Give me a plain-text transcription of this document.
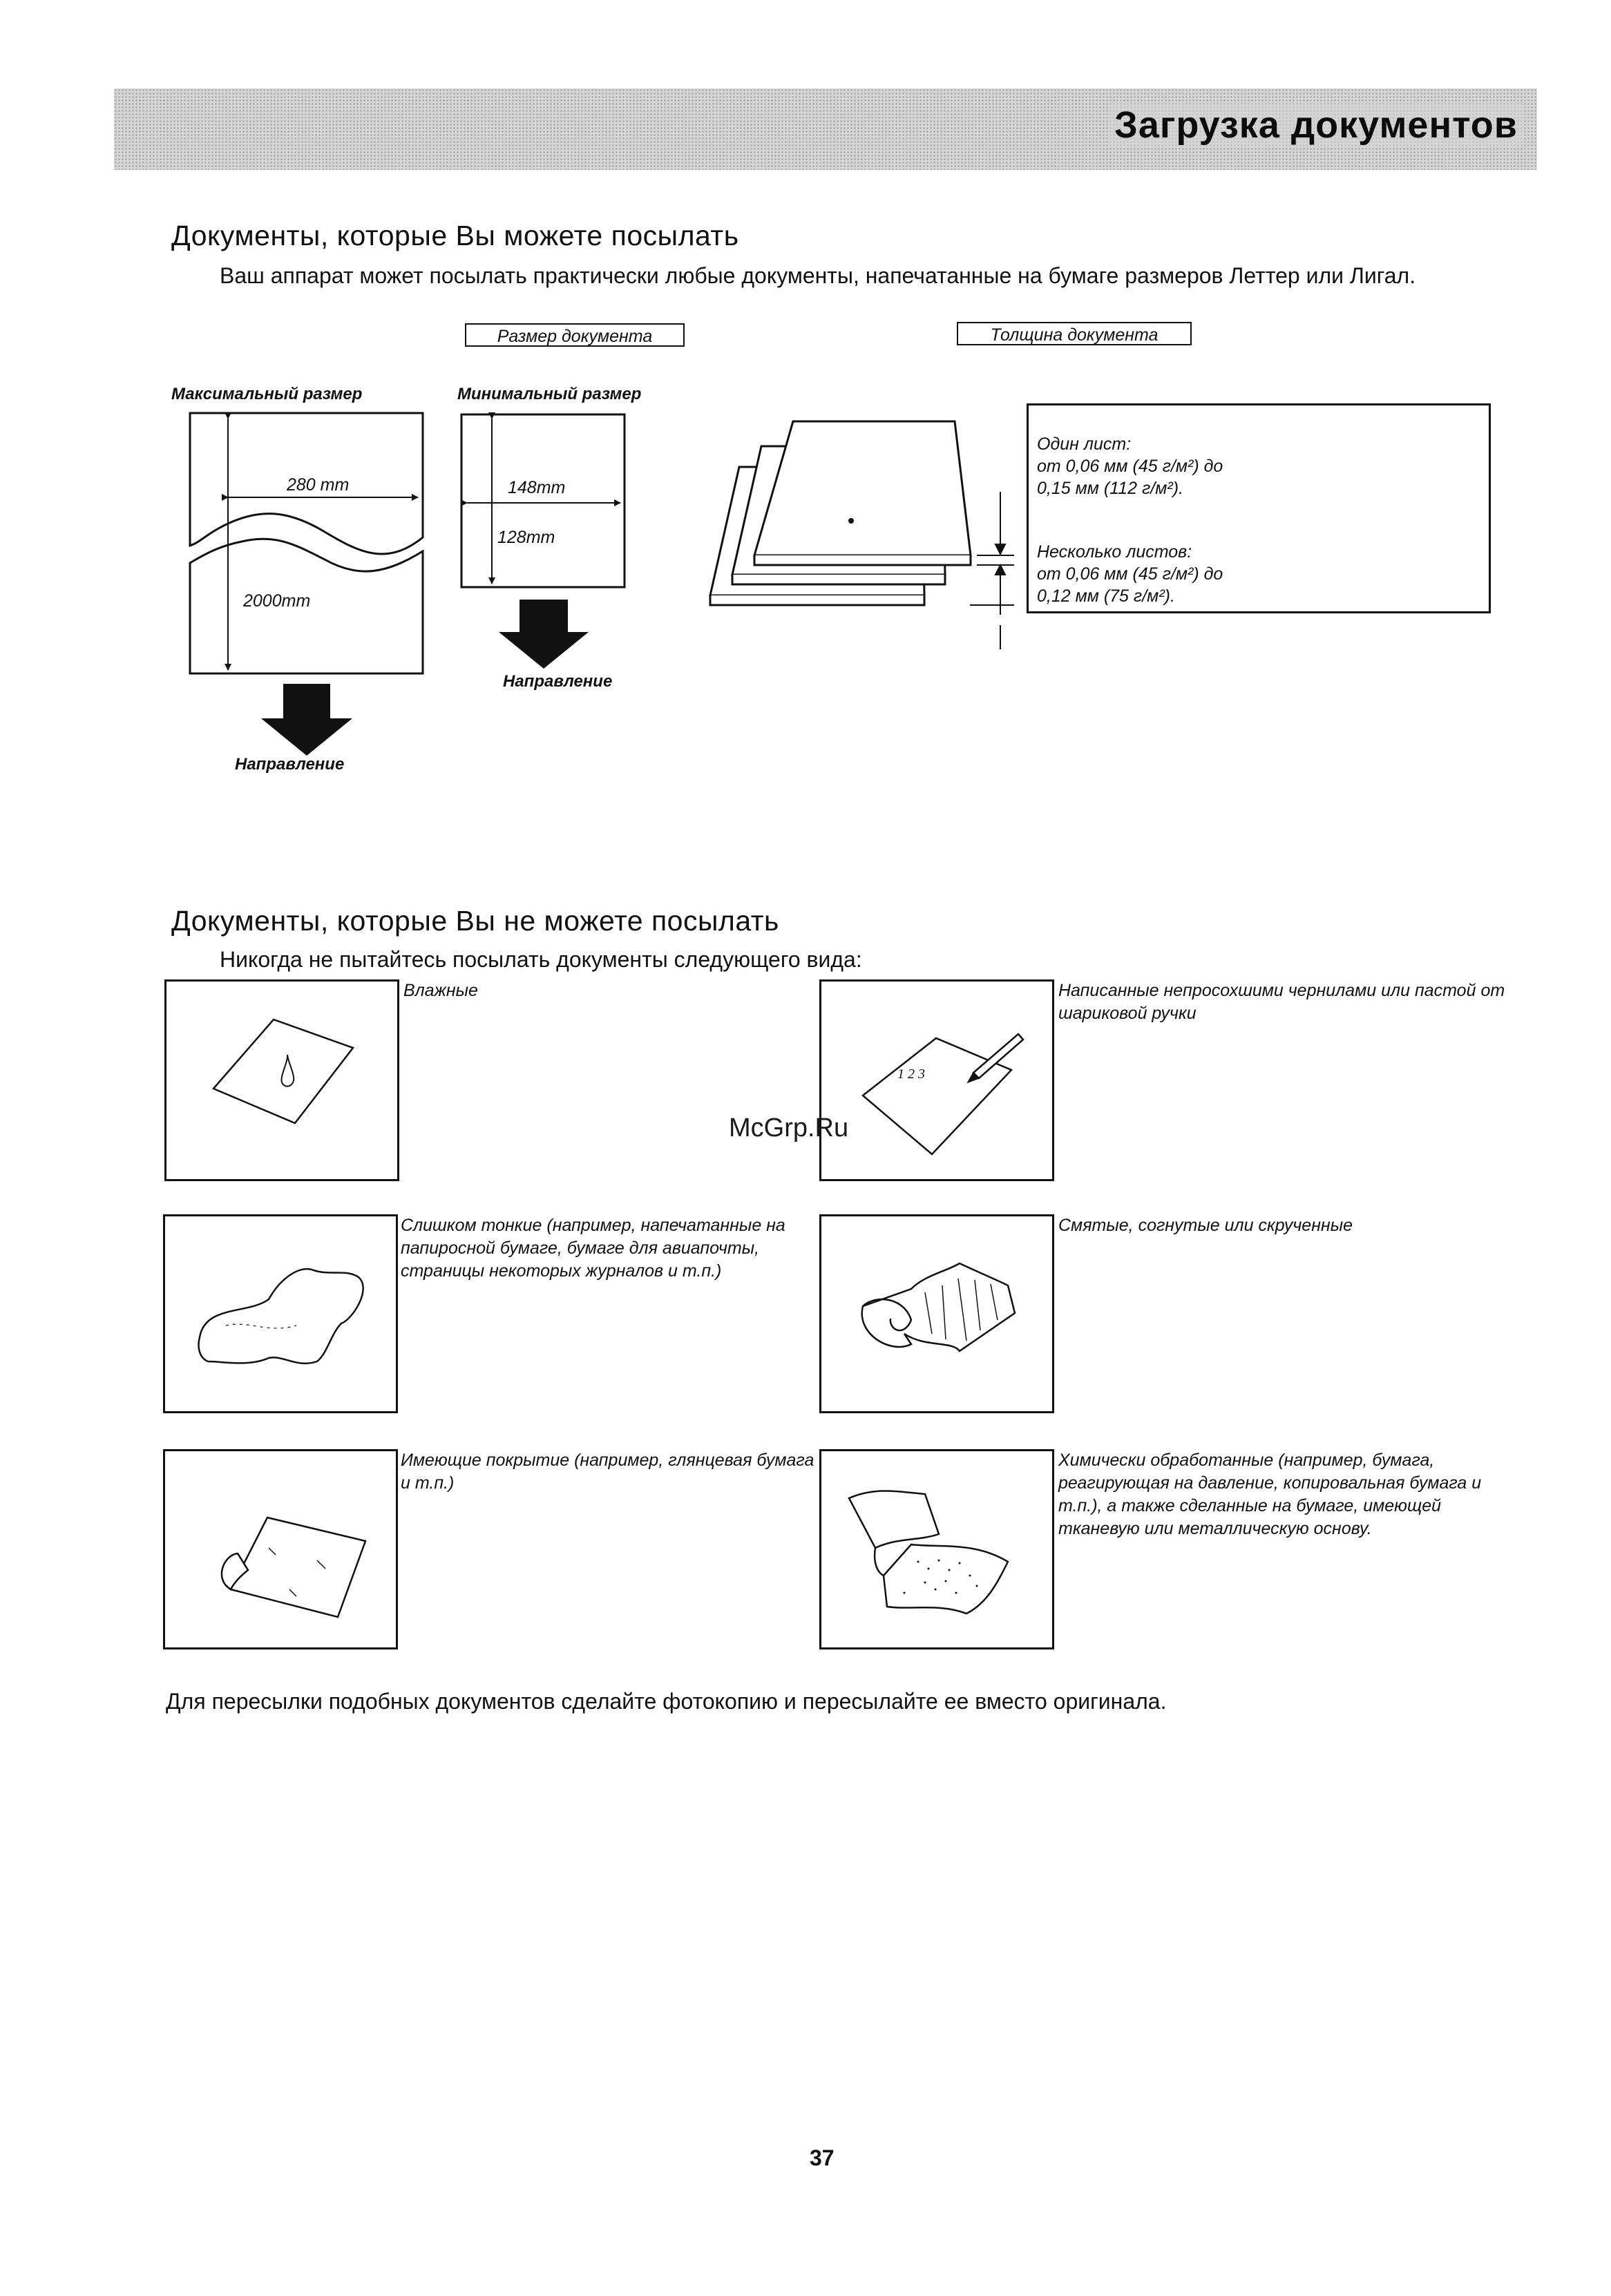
Загрузка документов
Документы, которые Вы можете посылать
Ваш аппарат может посылать практически любые документы, напечатанные на бумаге размеров Леттер или Лигал.
Размер документа
Максимальный размер	Минимальный размер
280 mm
2000mm
148mm
128mm
Направление
Направление
Толщина документа
Один лист:
от 0,06 мм (45 г/м²) до
0,15 мм (112 г/м²).
Несколько листов:
от 0,06 мм (45 г/м²) до
0,12 мм (75 г/м²).
Документы, которые Вы не можете посылать
Никогда не пытайтесь посылать документы следующего вида:
Влажные
1 2 3
Написанные непросохшими чернилами или пастой от шариковой ручки
McGrp.Ru
Слишком тонкие (например, напечатанные на папиросной бумаге, бумаге для авиапочты, страницы некоторых журналов и т.п.)
Смятые, согнутые или скрученные
Имеющие покрытие (например, глянцевая бумага и т.п.)
Химически обработанные (например, бумага, реагирующая на давление, копировальная бумага и т.п.), а также сделанные на бумаге, имеющей тканевую или металлическую основу.
Для пересылки подобных документов сделайте фотокопию и пересылайте ее вместо оригинала.
37
